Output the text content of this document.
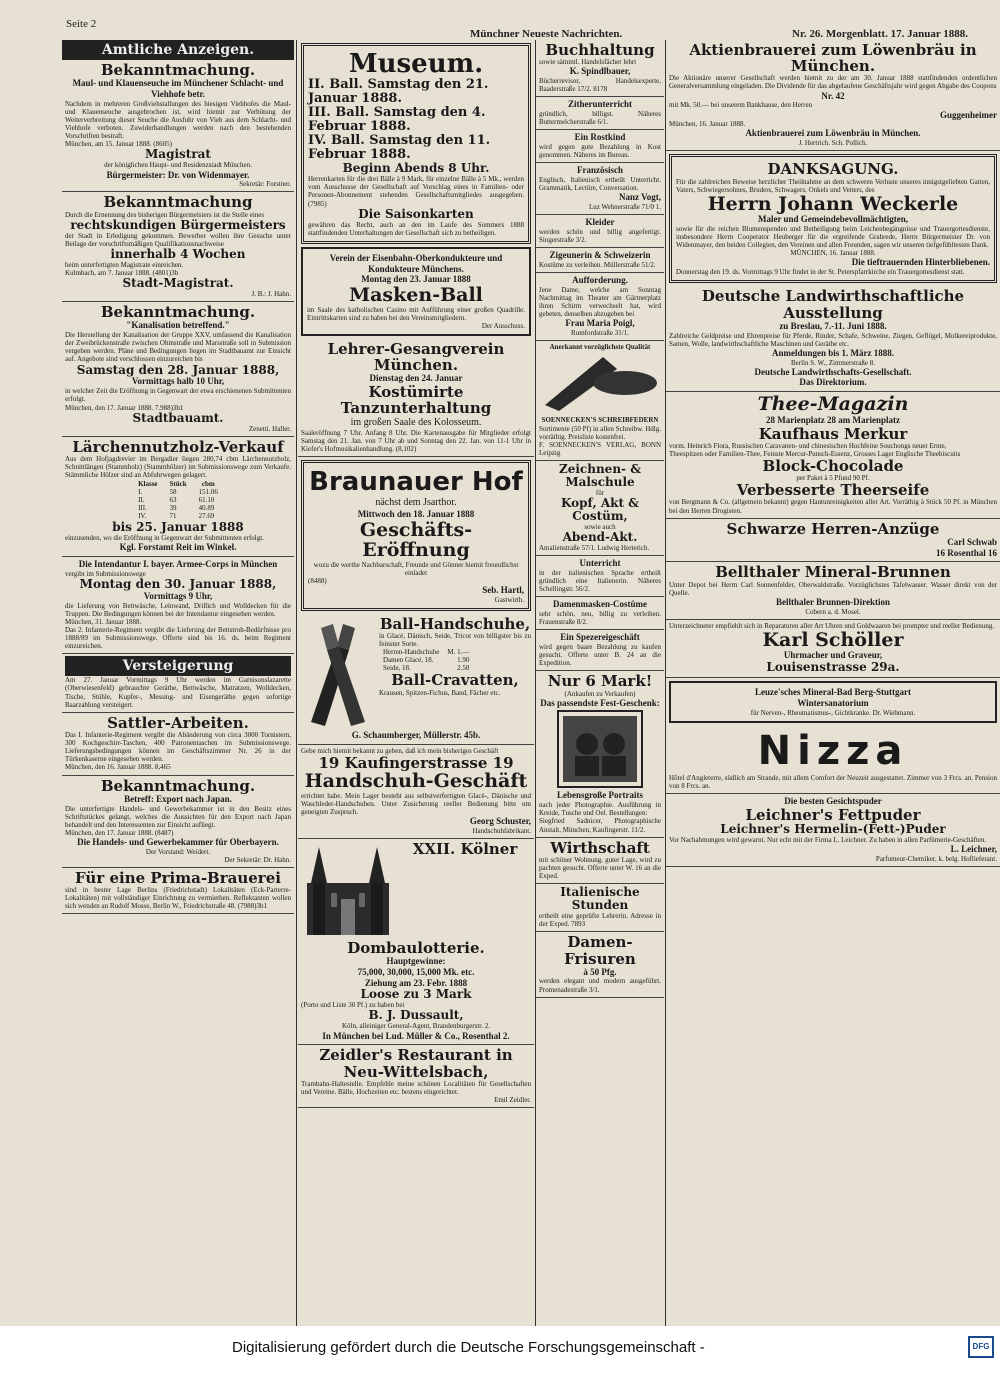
Seite 2
Münchner Neueste Nachrichten.	Nr. 26. Morgenblatt. 17. Januar 1888.
Amtliche Anzeigen.
Bekanntmachung.
Maul- und Klauenseuche im Münchener Schlacht- und Viehhofe betr.
Nachdem in mehreren Großviehstallungen des hiesigen Viehhofes die Maul- und Klauenseuche ausgebrochen ist, wird hiemit zur Verhütung der Weiterverbreitung dieser Seuche die Ausfuhr von Vieh aus dem Schlacht- und Viehhofe verboten. Zuwiderhandlungen werden nach den bestehenden Vorschriften bestraft.
München, am 15. Januar 1888. (8605)
Magistrat
der königlichen Haupt- und Residenzstadt München.
Bürgermeister: Dr. von Widenmayer.
Sekretär: Forstner.
Bekanntmachung
Durch die Ernennung des bisherigen Bürgermeisters ist die Stelle eines
rechtskundigen Bürgermeisters
der Stadt in Erledigung gekommen. Bewerber wollen ihre Gesuche unter Beilage der vorschriftsmäßigen Qualifikationsnachweise
innerhalb 4 Wochen
beim unterfertigten Magistrate einreichen.
Kulmbach, am 7. Januar 1888. (4801)3b
Stadt-Magistrat.
J. B.: J. Hahn.
Bekanntmachung.
"Kanalisation betreffend."
Die Herstellung der Kanalisation der Gruppe XXV, umfassend die Kanalisation der Zweibrückenstraße zwischen Ohmstraße und Marsstraße soll in Submission vergeben werden. Pläne und Bedingungen liegen im Stadtbauamt zur Einsicht auf. Angebote sind verschlossen einzureichen bis
Samstag den 28. Januar 1888,
Vormittags halb 10 Uhr,
in welcher Zeit die Eröffnung in Gegenwart der etwa erschienenen Submittenten erfolgt.
München, den 17. Januar 1888. 7.988)3b1
Stadtbauamt.
Zenetti. Haller.
Lärchennutzholz-Verkauf
Aus dem Hofjagdrevier im Bergadier liegen 280,74 cbm Lärchennutzholz, Schnittlängen (Stammholz) (Stammhölzer) im Submissionswege zum Verkaufe. Stämmliche Hölzer sind an Abfuhrwegen gelagert.
Klasse	Stück	cbm
I.	58	151.06
II.	63	61.10
III.	39	40.89
IV.	71	27.69
bis 25. Januar 1888
einzusenden, wo die Eröffnung in Gegenwart der Submittenten erfolgt.
Kgl. Forstamt Reit im Winkel.
Die Intendantur I. bayer. Armee-Corps in München
vergibt im Submissionswege
Montag den 30. Januar 1888,
Vormittags 9 Uhr,
die Lieferung von Bettwäsche, Leinwand, Drillich und Wolldecken für die Truppen. Die Bedingungen können bei der Intendantur eingesehen werden.
München, 31. Januar 1888.
Das 2. Infanterie-Regiment vergibt die Lieferung der Bettstroh-Bedürfnisse pro 1888/89 im Submissionswege. Offerte sind bis 16. ds. beim Regiment einzureichen.
Versteigerung
Am 27. Januar Vormittags 9 Uhr werden im Garnisonslazarette (Oberwiesenfeld) gebrauchte Geräthe, Bettwäsche, Matratzen, Wolldecken, Tische, Stühle, Kupfer-, Messing- und Eisengeräthe gegen sofortige Baarzahlung versteigert.
Sattler-Arbeiten.
Das I. Infanterie-Regiment vergibt die Abänderung von circa 3000 Tornistern, 300 Kochgeschirr-Taschen, 400 Patronentaschen im Submissionswege. Lieferungsbedingungen können im Geschäftszimmer Nr. 26 in der Türkenkaserne eingesehen werden.
München, den 16. Januar 1888. 8,465
Bekanntmachung.
Betreff: Export nach Japan.
Die unterfertigte Handels- und Gewerbekammer ist in den Besitz eines Schriftstückes gelangt, welches die Aussichten für den Export nach Japan behandelt und den Interessenten zur Einsicht aufliegt.
München, den 17. Januar 1888. (8487)
Die Handels- und Gewerbekammer für Oberbayern.
Der Vorstand: Weidert.
Der Sekretär: Dr. Hahn.
Für eine Prima-Brauerei
sind in bester Lage Berlins (Friedrichstadt) Lokalitäten (Eck-Parterre-Lokalitäten) mit vollständiger Einrichtung zu vermiethen. Reflektanten wollen sich wenden an Rudolf Mosse, Berlin W., Friedrichstraße 48. (7988)3b1
Museum.
II. Ball. Samstag den 21. Januar 1888.
III. Ball. Samstag den 4. Februar 1888.
IV. Ball. Samstag den 11. Februar 1888.
Beginn Abends 8 Uhr.
Herrenkarten für die drei Bälle à 9 Mark, für einzelne Bälle à 5 Mk., werden vom Ausschusse der Gesellschaft auf Vorschlag eines in Familien- oder Personen-Abonnement stehenden Gesellschaftsmitgliedes ausgegeben. (7985)
Die Saisonkarten
gewähren das Recht, auch an den im Laufe des Sommers 1888 stattfindenden Unterhaltungen der Gesellschaft sich zu betheiligen.
Verein der Eisenbahn-Oberkondukteure und Kondukteure Münchens.
Montag den 23. Januar 1888
Masken-Ball
im Saale des katholischen Casino mit Aufführung einer großen Quadrille. Eintrittskarten sind zu haben bei den Vereinsmitgliedern.
Der Ausschuss.
Lehrer-Gesangverein München.
Dienstag den 24. Januar
Kostümirte Tanzunterhaltung
im großen Saale des Kolosseum.
Saaleröffnung 7 Uhr. Anfang 8 Uhr. Die Kartenausgabe für Mitglieder erfolgt Samstag den 21. Jan. von 7 Uhr ab und Sonntag den 22. Jan. von 11-1 Uhr in Kiefer's Hofmusikalienhandlung. (8,102)
Braunauer Hof
nächst dem Jsarthor.
Mittwoch den 18. Januar 1888
Geschäfts-Eröffnung
wozu die werthe Nachbarschaft, Freunde und Gönner hiemit freundlichst einladet
(8488)
Seb. Hartl,
Gastwirth.
Ball-Handschuhe,
in Glacé, Dänisch, Seide, Tricot von billigster bis zu feinster Sorte.
Herren-Handschuhe	M. 1.—
Damen Glacé, 18.	1.90
Seide, 18.	2.50
Ball-Cravatten,
Krausen, Spitzen-Fichus, Band, Fächer etc.
G. Schaumberger, Müllerstr. 45b.
Gebe mich hiemit bekannt zu geben, daß ich mein bisheriges Geschäft
19 Kaufingerstrasse 19
Handschuh-Geschäft
errichtet habe. Mein Lager besteht aus selbstverfertigten Glacé-, Dänische und Waschleder-Handschuhen. Unter Zusicherung reeller Bedienung bitte um geneigten Zuspruch.
Georg Schuster,
Handschuhfabrikant.
XXII. Kölner Dombaulotterie.
Hauptgewinne:
75,000, 30,000, 15,000 Mk. etc.
Ziehung am 23. Febr. 1888
Loose zu 3 Mark
(Porto und Liste 30 Pf.) zu haben bei
B. J. Dussault,
Köln, alleiniger General-Agent, Brandenburgerstr. 2.
In München bei Lud. Müller & Co., Rosenthal 2.
Zeidler's Restaurant in Neu-Wittelsbach,
Trambahn-Haltestelle. Empfehle meine schönen Localitäten für Gesellschaften und Vereine. Bälle, Hochzeiten etc. bestens eingerichtet.
Emil Zeidler.
Buchhaltung
sowie sämmtl. Handelsfächer lehrt
K. Spindlbauer,
Bücherrevisor, Handelsexperte, Baaderstraße 17/2. 8178
Zitherunterricht
gründlich, billigst. Näheres Buttermelcherstraße 6/1.
Ein Rostkind
wird gegen gute Bezahlung in Kost genommen. Näheres im Bureau.
Französisch
Englisch, Italienisch ertheilt Unterricht. Grammatik, Lectüre, Conversation.
Nanz Vogt,
Luz Wehnerstraße 71/0 1.
Kleider
werden schön und billig angefertigt. Singerstraße 3/2.
Zigeunerin & Schweizerin
Kostüme zu verleihen. Müllerstraße 51/2.
Aufforderung.
Jene Dame, welche am Sonntag Nachmittag im Theater am Gärtnerplatz ihren Schirm verwechselt hat, wird gebeten, denselben abzugeben bei
Frau Maria Poigl,
Rumfordstraße 31/1.
Anerkannt vorzüglichste Qualität
SOENNECKEN'S SCHREIBFEDERN
Sortimente (50 Pf) in allen Schreibw. Hdlg. vorräthig. Preisliste kostenfrei.
F. SOENNECKEN'S VERLAG, BONN Leipzig
Zeichnen- & Malschule
für
Kopf, Akt & Costüm,
sowie auch
Abend-Akt.
Amalienstraße 57/1. Ludwig Herterich.
Unterricht
in der italienischen Sprache ertheilt gründlich eine Italienerin. Näheres Schellingstr. 56/2.
Damenmasken-Costüme
sehr schön, neu, billig zu verleihen. Frauenstraße 8/2.
Ein Spezereigeschäft
wird gegen baare Bezahlung zu kaufen gesucht. Offerte unter B. 24 an die Expedition.
Nur 6 Mark!
(Ankaufen zu Verkaufen)
Das passendste Fest-Geschenk:
Lebensgroße Portraits
nach jeder Photographie. Ausführung in Kreide, Tusche und Oel. Bestellungen:
Siegfried Sadnicer, Photographische Anstalt, München, Kaufingerstr. 11/2.
Wirthschaft
mit schöner Wohnung, guter Lage, wird zu pachten gesucht. Offerte unter W. 16 an die Exped.
Italienische Stunden
ertheilt eine geprüfte Lehrerin. Adresse in der Exped. 7893
Damen-Frisuren
à 50 Pfg.
werden elegant und modern ausgeführt. Promenadestraße 3/1.
Aktienbrauerei zum Löwenbräu in München.
Die Aktionäre unserer Gesellschaft werden hiemit zu der am 30. Januar 1888 stattfindenden ordentlichen Generalversammlung eingeladen. Die Dividende für das abgelaufene Geschäftsjahr wird gegen Abgabe des Coupons
Nr. 42
mit Mk. 50.— bei unserem Bankhause, den Herren
Guggenheimer
München, 16. Januar 1888.
Aktienbrauerei zum Löwenbräu in München.
J. Hertrich. Sch. Pollich.
DANKSAGUNG.
Für die zahlreichen Beweise herzlicher Theilnahme an dem schweren Verluste unseres innigstgeliebten Gatten, Vaters, Schwiegersohnes, Bruders, Schwagers, Onkels und Vetters, des
Herrn Johann Weckerle
Maler und Gemeindebevollmächtigten,
sowie für die reichen Blumenspenden und Betheiligung beim Leichenbegängnisse und Trauergottesdienste, insbesondere Herrn Cooperator Heuberger für die ergreifende Grabrede, Herrn Bürgermeister Dr. von Widenmayer, den beiden Collegien, den Vereinen und allen Freunden, sagen wir unseren tiefgefühltesten Dank.
MÜNCHEN, 16. Januar 1888.
Die tieftrauernden Hinterbliebenen.
Donnerstag den 19. ds. Vormittags 9 Uhr findet in der St. Peterspfarrkirche ein Trauergottesdienst statt.
Deutsche Landwirthschaftliche Ausstellung
zu Breslau, 7.-11. Juni 1888.
Zahlreiche Geldpreise und Ehrenpreise für Pferde, Rinder, Schafe, Schweine, Ziegen, Geflügel, Molkereiprodukte, Samen, Wolle, landwirthschaftliche Maschinen und Geräthe etc.
Anmeldungen bis 1. März 1888.
Berlin S. W., Zimmerstraße 8.
Deutsche Landwirthschafts-Gesellschaft.
Das Direktorium.
Thee-Magazin
28 Marienplatz 28 am Marienplatz
Kaufhaus Merkur
vorm. Heinrich Flora, Russischen Caravanen- und chinesischen Hochfeine Souchongs neuer Ernte,
Theespitzen oder Familien-Thee, Feinste Mercur-Punsch-Essenz, Grosses Lager Englische Theebiscuits
Block-Chocolade
per Paket à 5 Pfund 90 Pf.
Verbesserte Theerseife
von Bergmann & Co. (allgemein bekannt) gegen Hautunreinigkeiten aller Art. Vorräthig à Stück 50 Pf. in München bei den Herren Drogisten.
Schwarze Herren-Anzüge
Carl Schwab
16 Rosenthal 16
Bellthaler Mineral-Brunnen
Unter Depot bei Herrn Carl Sonnenfelder, Oberwaldstraße. Vorzüglichstes Tafelwasser. Wasser direkt von der Quelle.
Bellthaler Brunnen-Direktion
Cobern a. d. Mosel.
Unterzeichneter empfiehlt sich in Reparaturen aller Art Uhren und Goldwaaren bei prompter und reeller Bedienung.
Karl Schöller
Uhrmacher und Graveur,
Louisenstrasse 29a.
Leuze'sches Mineral-Bad Berg-Stuttgart
Wintersanatorium
für Nerven-, Rheumatismus-, Gichtkranke. Dr. Wiebmann.
Nizza
Hôtel d'Angleterre, südlich am Strande, mit allem Comfort der Neuzeit ausgestattet. Zimmer von 3 Frcs. an. Pension von 8 Frcs. an.
Die besten Gesichtspuder
Leichner's Fettpuder
Leichner's Hermelin-(Fett-)Puder
Vor Nachahmungen wird gewarnt. Nur echt mit der Firma L. Leichner. Zu haben in allen Parfümerie-Geschäften.
L. Leichner,
Parfumeur-Chemiker, k. belg. Hoflieferant.
Digitalisierung gefördert durch die Deutsche Forschungsgemeinschaft -	DFG
